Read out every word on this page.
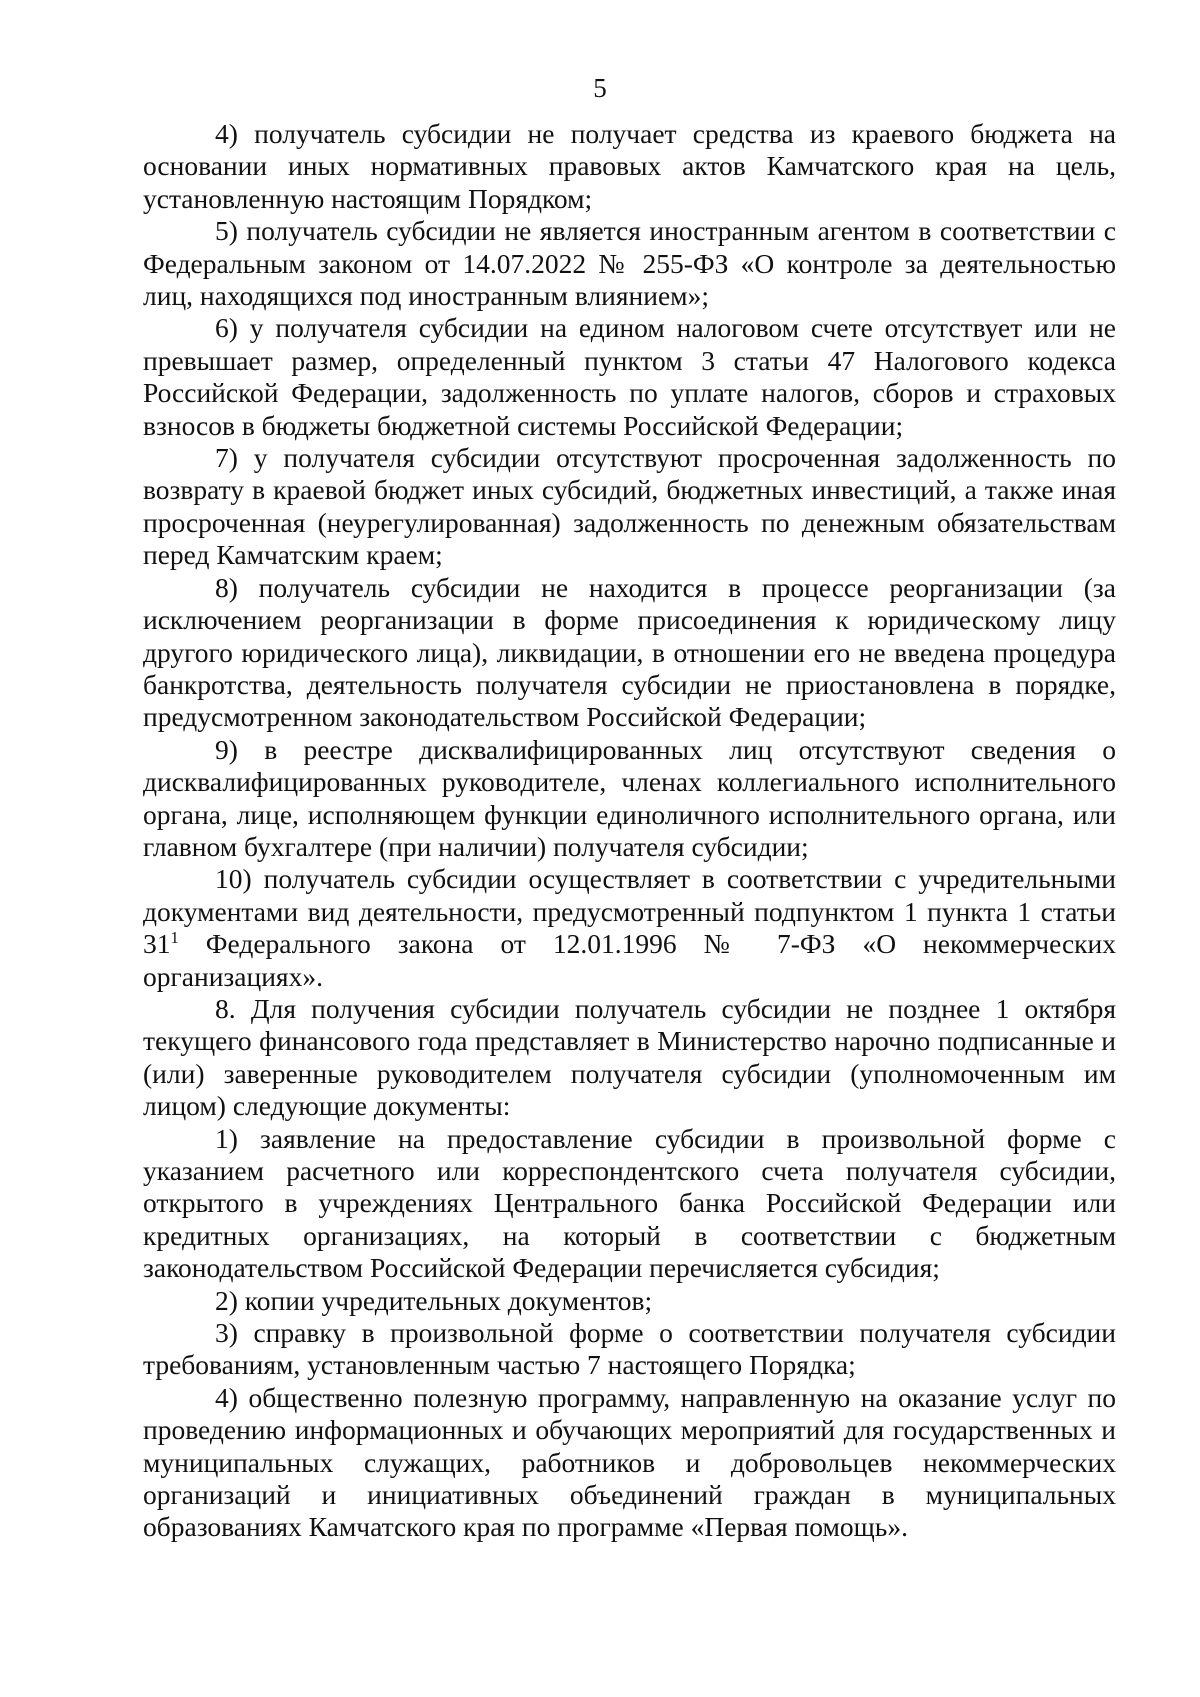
5

4) получатель субсидии не получает средства из краевого бюджета на основании иных нормативных правовых актов Камчатского края на цель, установленную настоящим Порядком;

5) получатель субсидии не является иностранным агентом в соответствии с Федеральным законом от 14.07.2022 № 255-ФЗ «О контроле за деятельностью лиц, находящихся под иностранным влиянием»;

6) у получателя субсидии на едином налоговом счете отсутствует или не превышает размер, определенный пунктом 3 статьи 47 Налогового кодекса Российской Федерации, задолженность по уплате налогов, сборов и страховых взносов в бюджеты бюджетной системы Российской Федерации;

7) у получателя субсидии отсутствуют просроченная задолженность по возврату в краевой бюджет иных субсидий, бюджетных инвестиций, а также иная просроченная (неурегулированная) задолженность по денежным обязательствам перед Камчатским краем;

8) получатель субсидии не находится в процессе реорганизации (за исключением реорганизации в форме присоединения к юридическому лицу другого юридического лица), ликвидации, в отношении его не введена процедура банкротства, деятельность получателя субсидии не приостановлена в порядке, предусмотренном законодательством Российской Федерации;

9) в реестре дисквалифицированных лиц отсутствуют сведения о дисквалифицированных руководителе, членах коллегиального исполнительного органа, лице, исполняющем функции единоличного исполнительного органа, или главном бухгалтере (при наличии) получателя субсидии;

10) получатель субсидии осуществляет в соответствии с учредительными документами вид деятельности, предусмотренный подпунктом 1 пункта 1 статьи $31^1$ Федерального закона от 12.01.1996 № 7-ФЗ «О некоммерческих организациях».

8. Для получения субсидии получатель субсидии не позднее 1 октября текущего финансового года представляет в Министерство нарочно подписанные и (или) заверенные руководителем получателя субсидии (уполномоченным им лицом) следующие документы:

1) заявление на предоставление субсидии в произвольной форме с указанием расчетного или корреспондентского счета получателя субсидии, открытого в учреждениях Центрального банка Российской Федерации или кредитных организациях, на который в соответствии с бюджетным законодательством Российской Федерации перечисляется субсидия;

2) копии учредительных документов;

3) справку в произвольной форме о соответствии получателя субсидии требованиям, установленным частью 7 настоящего Порядка;

4) общественно полезную программу, направленную на оказание услуг по проведению информационных и обучающих мероприятий для государственных и муниципальных служащих, работников и добровольцев некоммерческих организаций и инициативных объединений граждан в муниципальных образованиях Камчатского края по программе «Первая помощь».
